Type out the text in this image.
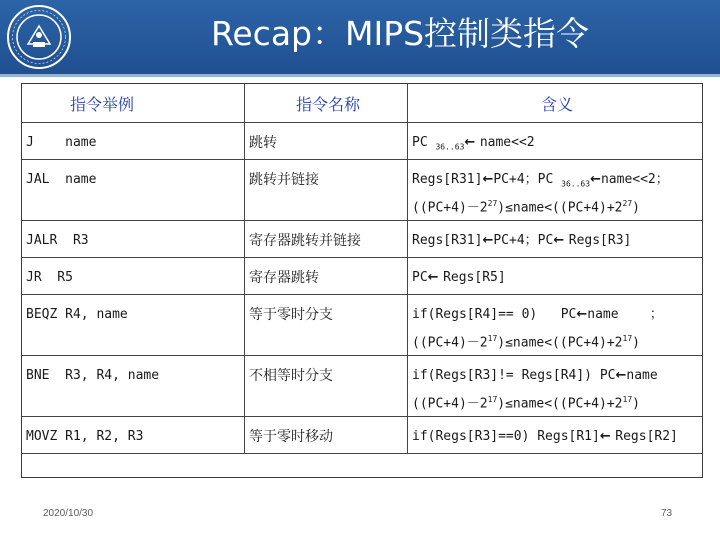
Recap：MIPS控制类指令
指令举例	指令名称	含义

J    name	跳转	PC $_{36..63}$← name<<2

JAL  name	跳转并链接	Regs[R31]←PC+4；PC $_{36..63}$←name<<2；
$((PC+4)-2^{27})\le name<((PC+4)+2^{27})$

JALR  R3	寄存器跳转并链接	Regs[R31]←PC+4；PC← Regs[R3]

JR  R5	寄存器跳转	PC← Regs[R5]

BEQZ R4, name	等于零时分支	if(Regs[R4]== 0)   PC←name    ；
$((PC+4)-2^{17})\le name<((PC+4)+2^{17})$

BNE  R3, R4, name	不相等时分支	if(Regs[R3]!= Regs[R4]) PC←name
$((PC+4)-2^{17})\le name<((PC+4)+2^{17})$

MOVZ R1, R2, R3	等于零时移动	if(Regs[R3]==0) Regs[R1]← Regs[R2]
2020/10/30	73
